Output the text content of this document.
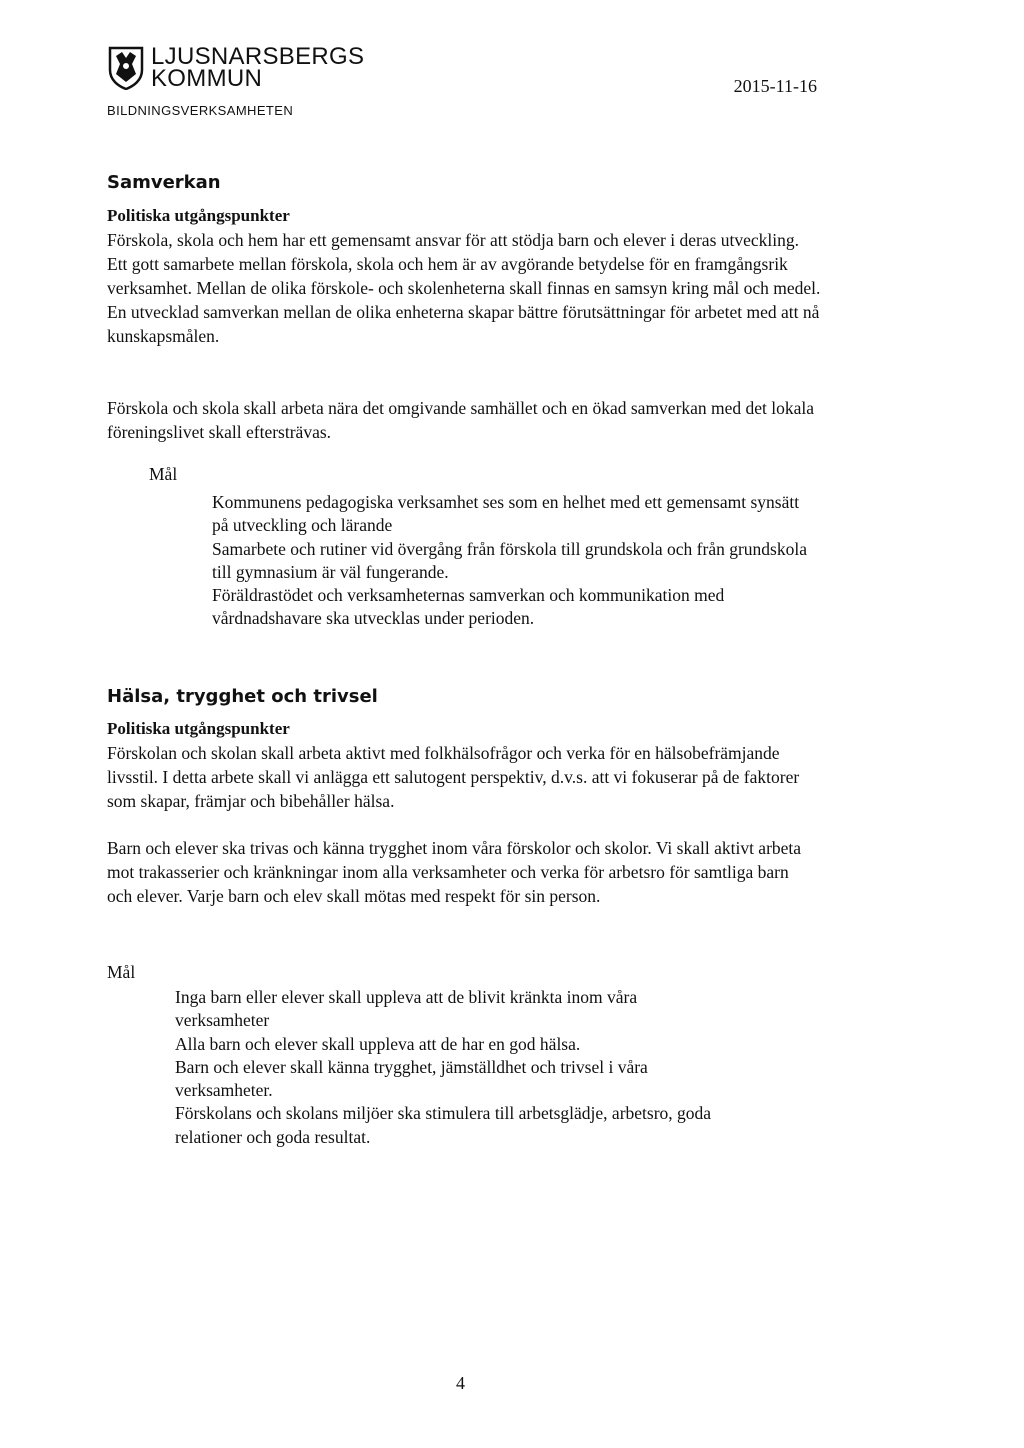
LJUSNARSBERGS
KOMMUN
BILDNINGSVERKSAMHETEN
2015-11-16
Samverkan
Politiska utgångspunkter
Förskola, skola och hem har ett gemensamt ansvar för att stödja barn och elever i deras utveckling. Ett gott samarbete mellan förskola, skola och hem är av avgörande betydelse för en framgångsrik verksamhet. Mellan de olika förskole- och skolenheterna skall finnas en samsyn kring mål och medel. En utvecklad samverkan mellan de olika enheterna skapar bättre förutsättningar för arbetet med att nå kunskapsmålen.
Förskola och skola skall arbeta nära det omgivande samhället och en ökad samverkan med det lokala föreningslivet skall eftersträvas.
Mål
Kommunens pedagogiska verksamhet ses som en helhet med ett gemensamt synsätt på utveckling och lärande
Samarbete och rutiner vid övergång från förskola till grundskola och från grundskola till gymnasium är väl fungerande.
Föräldrastödet och verksamheternas samverkan och kommunikation med vårdnadshavare ska utvecklas under perioden.
Hälsa, trygghet och trivsel
Politiska utgångspunkter
Förskolan och skolan skall arbeta aktivt med folkhälsofrågor och verka för en hälsobefrämjande livsstil. I detta arbete skall vi anlägga ett salutogent perspektiv, d.v.s. att vi fokuserar på de faktorer som skapar, främjar och bibehåller hälsa.
Barn och elever ska trivas och känna trygghet inom våra förskolor och skolor. Vi skall aktivt arbeta mot trakasserier och kränkningar inom alla verksamheter och verka för arbetsro för samtliga barn och elever. Varje barn och elev skall mötas med respekt för sin person.
Mål
Inga barn eller elever skall uppleva att de blivit kränkta inom våra verksamheter
Alla barn och elever skall uppleva att de har en god hälsa.
Barn och elever skall känna trygghet, jämställdhet och trivsel i våra verksamheter.
Förskolans och skolans miljöer ska stimulera till arbetsglädje, arbetsro, goda relationer och goda resultat.
4
